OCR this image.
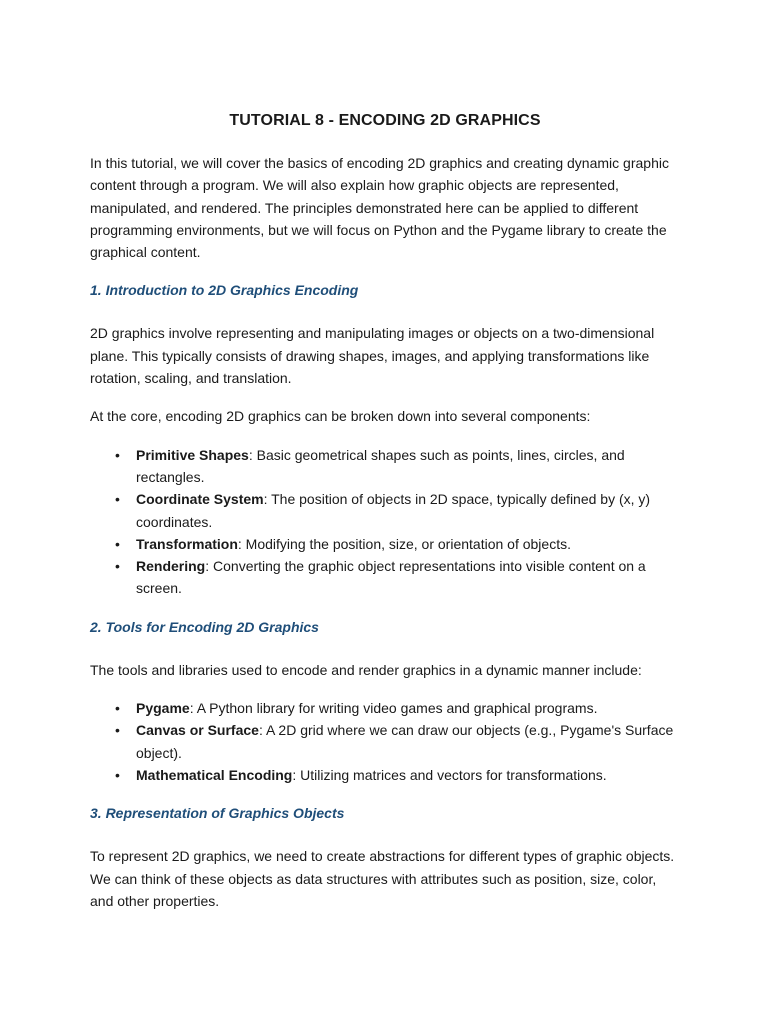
TUTORIAL 8 - ENCODING 2D GRAPHICS

In this tutorial, we will cover the basics of encoding 2D graphics and creating dynamic graphic content through a program. We will also explain how graphic objects are represented, manipulated, and rendered. The principles demonstrated here can be applied to different programming environments, but we will focus on Python and the Pygame library to create the graphical content.

1. Introduction to 2D Graphics Encoding

2D graphics involve representing and manipulating images or objects on a two-dimensional plane. This typically consists of drawing shapes, images, and applying transformations like rotation, scaling, and translation.

At the core, encoding 2D graphics can be broken down into several components:

• Primitive Shapes: Basic geometrical shapes such as points, lines, circles, and rectangles.
• Coordinate System: The position of objects in 2D space, typically defined by (x, y) coordinates.
• Transformation: Modifying the position, size, or orientation of objects.
• Rendering: Converting the graphic object representations into visible content on a screen.
2. Tools for Encoding 2D Graphics

The tools and libraries used to encode and render graphics in a dynamic manner include:

• Pygame: A Python library for writing video games and graphical programs.
• Canvas or Surface: A 2D grid where we can draw our objects (e.g., Pygame's Surface object).
• Mathematical Encoding: Utilizing matrices and vectors for transformations.
3. Representation of Graphics Objects

To represent 2D graphics, we need to create abstractions for different types of graphic objects. We can think of these objects as data structures with attributes such as position, size, color, and other properties.
